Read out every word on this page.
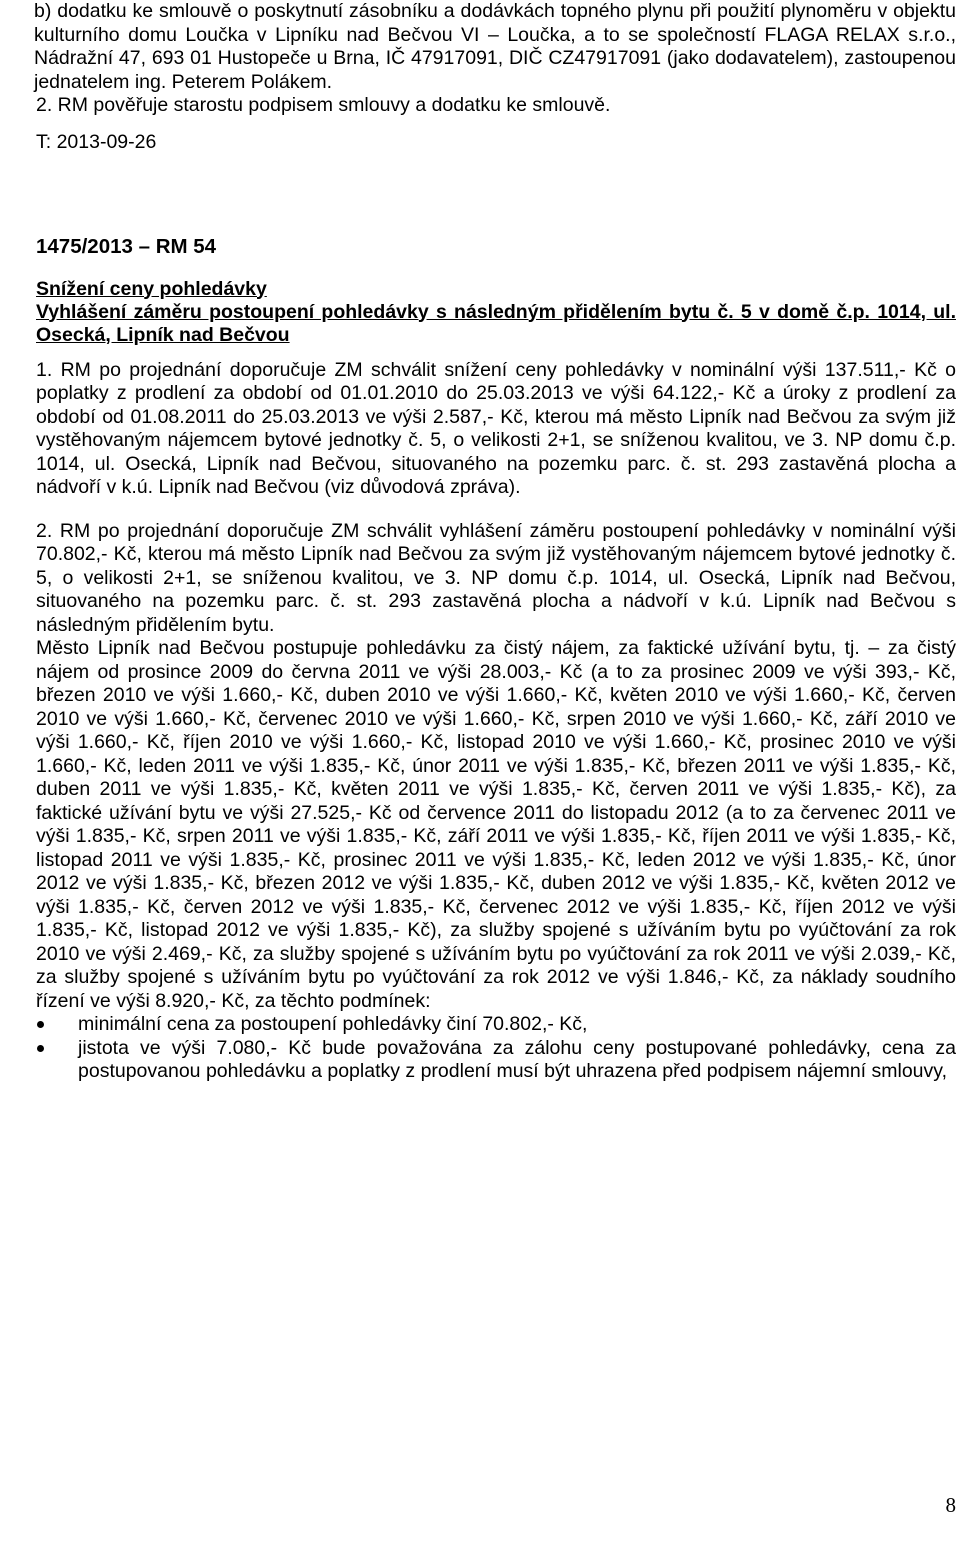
b) dodatku ke smlouvě o poskytnutí zásobníku a dodávkách topného plynu při použití plynoměru v objektu kulturního domu Loučka v Lipníku nad Bečvou VI – Loučka, a to se společností FLAGA RELAX s.r.o., Nádražní 47, 693 01 Hustopeče u Brna, IČ 47917091, DIČ CZ47917091 (jako dodavatelem), zastoupenou jednatelem ing. Peterem Polákem.

2. RM pověřuje starostu podpisem smlouvy a dodatku ke smlouvě.

T: 2013-09-26

1475/2013 – RM 54

Snížení ceny pohledávky

Vyhlášení záměru postoupení pohledávky s následným přidělením bytu č. 5 v domě č.p. 1014, ul. Osecká, Lipník nad Bečvou

1. RM po projednání doporučuje ZM schválit snížení ceny pohledávky v nominální výši 137.511,- Kč o poplatky z prodlení za období od 01.01.2010 do 25.03.2013 ve výši 64.122,- Kč a úroky z prodlení za období od 01.08.2011 do 25.03.2013 ve výši 2.587,- Kč, kterou má město Lipník nad Bečvou za svým již vystěhovaným nájemcem bytové jednotky č. 5, o velikosti 2+1, se sníženou kvalitou, ve 3. NP domu č.p. 1014, ul. Osecká, Lipník nad Bečvou, situovaného na pozemku parc. č. st. 293 zastavěná plocha a nádvoří v k.ú. Lipník nad Bečvou (viz důvodová zpráva).

2. RM po projednání doporučuje ZM schválit vyhlášení záměru postoupení pohledávky v nominální výši 70.802,- Kč, kterou má město Lipník nad Bečvou za svým již vystěhovaným nájemcem bytové jednotky č. 5, o velikosti 2+1, se sníženou kvalitou, ve 3. NP domu č.p. 1014, ul. Osecká, Lipník nad Bečvou, situovaného na pozemku parc. č. st. 293 zastavěná plocha a nádvoří v k.ú. Lipník nad Bečvou s následným přidělením bytu.

Město Lipník nad Bečvou postupuje pohledávku za čistý nájem, za faktické užívání bytu, tj. – za čistý nájem od prosince 2009 do června 2011 ve výši 28.003,- Kč (a to za prosinec 2009 ve výši 393,- Kč, březen 2010 ve výši 1.660,- Kč, duben 2010 ve výši 1.660,- Kč, květen 2010 ve výši 1.660,- Kč, červen 2010 ve výši 1.660,- Kč, červenec 2010 ve výši 1.660,- Kč, srpen 2010 ve výši 1.660,- Kč, září 2010 ve výši 1.660,- Kč, říjen 2010 ve výši 1.660,- Kč, listopad 2010 ve výši 1.660,- Kč, prosinec 2010 ve výši 1.660,- Kč, leden 2011 ve výši 1.835,- Kč, únor 2011 ve výši 1.835,- Kč, březen 2011 ve výši 1.835,- Kč, duben 2011 ve výši 1.835,- Kč, květen 2011 ve výši 1.835,- Kč, červen 2011 ve výši 1.835,- Kč), za faktické užívání bytu ve výši 27.525,- Kč od července 2011 do listopadu 2012 (a to za červenec 2011 ve výši 1.835,- Kč, srpen 2011 ve výši 1.835,- Kč, září 2011 ve výši 1.835,- Kč, říjen 2011 ve výši 1.835,- Kč, listopad 2011 ve výši 1.835,- Kč, prosinec 2011 ve výši 1.835,- Kč, leden 2012 ve výši 1.835,- Kč, únor 2012 ve výši 1.835,- Kč, březen 2012 ve výši 1.835,- Kč, duben 2012 ve výši 1.835,- Kč, květen 2012 ve výši 1.835,- Kč, červen 2012 ve výši 1.835,- Kč, červenec 2012 ve výši 1.835,- Kč, říjen 2012 ve výši 1.835,- Kč, listopad 2012 ve výši 1.835,- Kč), za služby spojené s užíváním bytu po vyúčtování za rok 2010 ve výši 2.469,- Kč, za služby spojené s užíváním bytu po vyúčtování za rok 2011 ve výši 2.039,- Kč, za služby spojené s užíváním bytu po vyúčtování za rok 2012 ve výši 1.846,- Kč, za náklady soudního řízení ve výši 8.920,- Kč, za těchto podmínek:

minimální cena za postoupení pohledávky činí 70.802,- Kč,
jistota ve výši 7.080,- Kč bude považována za zálohu ceny postupované pohledávky, cena za postupovanou pohledávku a poplatky z prodlení musí být uhrazena před podpisem nájemní smlouvy,
8
